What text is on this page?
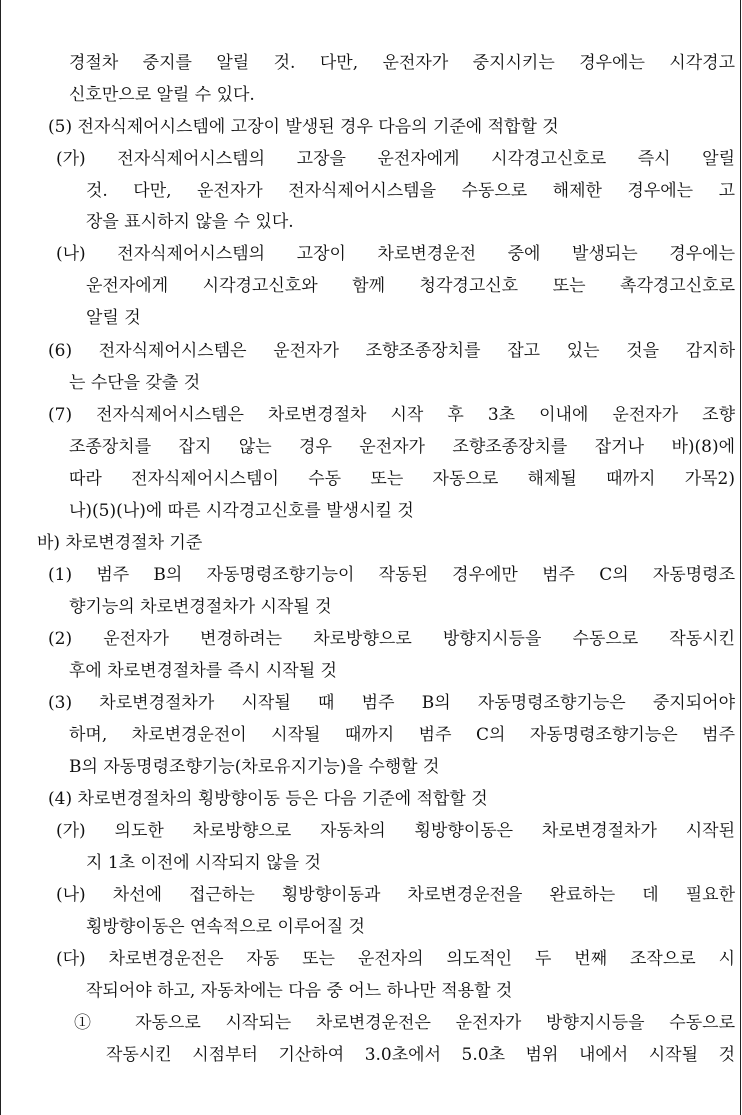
경절차 중지를 알릴 것. 다만, 운전자가 중지시키는 경우에는 시각경고
신호만으로 알릴 수 있다.
(5) 전자식제어시스템에 고장이 발생된 경우 다음의 기준에 적합할 것
(가) 전자식제어시스템의 고장을 운전자에게 시각경고신호로 즉시 알릴
것. 다만, 운전자가 전자식제어시스템을 수동으로 해제한 경우에는 고
장을 표시하지 않을 수 있다.
(나) 전자식제어시스템의 고장이 차로변경운전 중에 발생되는 경우에는
운전자에게 시각경고신호와 함께 청각경고신호 또는 촉각경고신호로
알릴 것
(6) 전자식제어시스템은 운전자가 조향조종장치를 잡고 있는 것을 감지하
는 수단을 갖출 것
(7) 전자식제어시스템은 차로변경절차 시작 후 3초 이내에 운전자가 조향
조종장치를 잡지 않는 경우 운전자가 조향조종장치를 잡거나 바)(8)에
따라 전자식제어시스템이 수동 또는 자동으로 해제될 때까지 가목2)
나)(5)(나)에 따른 시각경고신호를 발생시킬 것
바) 차로변경절차 기준
(1) 범주 B의 자동명령조향기능이 작동된 경우에만 범주 C의 자동명령조
향기능의 차로변경절차가 시작될 것
(2) 운전자가 변경하려는 차로방향으로 방향지시등을 수동으로 작동시킨
후에 차로변경절차를 즉시 시작될 것
(3) 차로변경절차가 시작될 때 범주 B의 자동명령조향기능은 중지되어야
하며, 차로변경운전이 시작될 때까지 범주 C의 자동명령조향기능은 범주
B의 자동명령조향기능(차로유지기능)을 수행할 것
(4) 차로변경절차의 횡방향이동 등은 다음 기준에 적합할 것
(가) 의도한 차로방향으로 자동차의 횡방향이동은 차로변경절차가 시작된
지 1초 이전에 시작되지 않을 것
(나) 차선에 접근하는 횡방향이동과 차로변경운전을 완료하는 데 필요한
횡방향이동은 연속적으로 이루어질 것
(다) 차로변경운전은 자동 또는 운전자의 의도적인 두 번째 조작으로 시
작되어야 하고, 자동차에는 다음 중 어느 하나만 적용할 것
① 자동으로 시작되는 차로변경운전은 운전자가 방향지시등을 수동으로
작동시킨 시점부터 기산하여 3.0초에서 5.0초 범위 내에서 시작될 것
